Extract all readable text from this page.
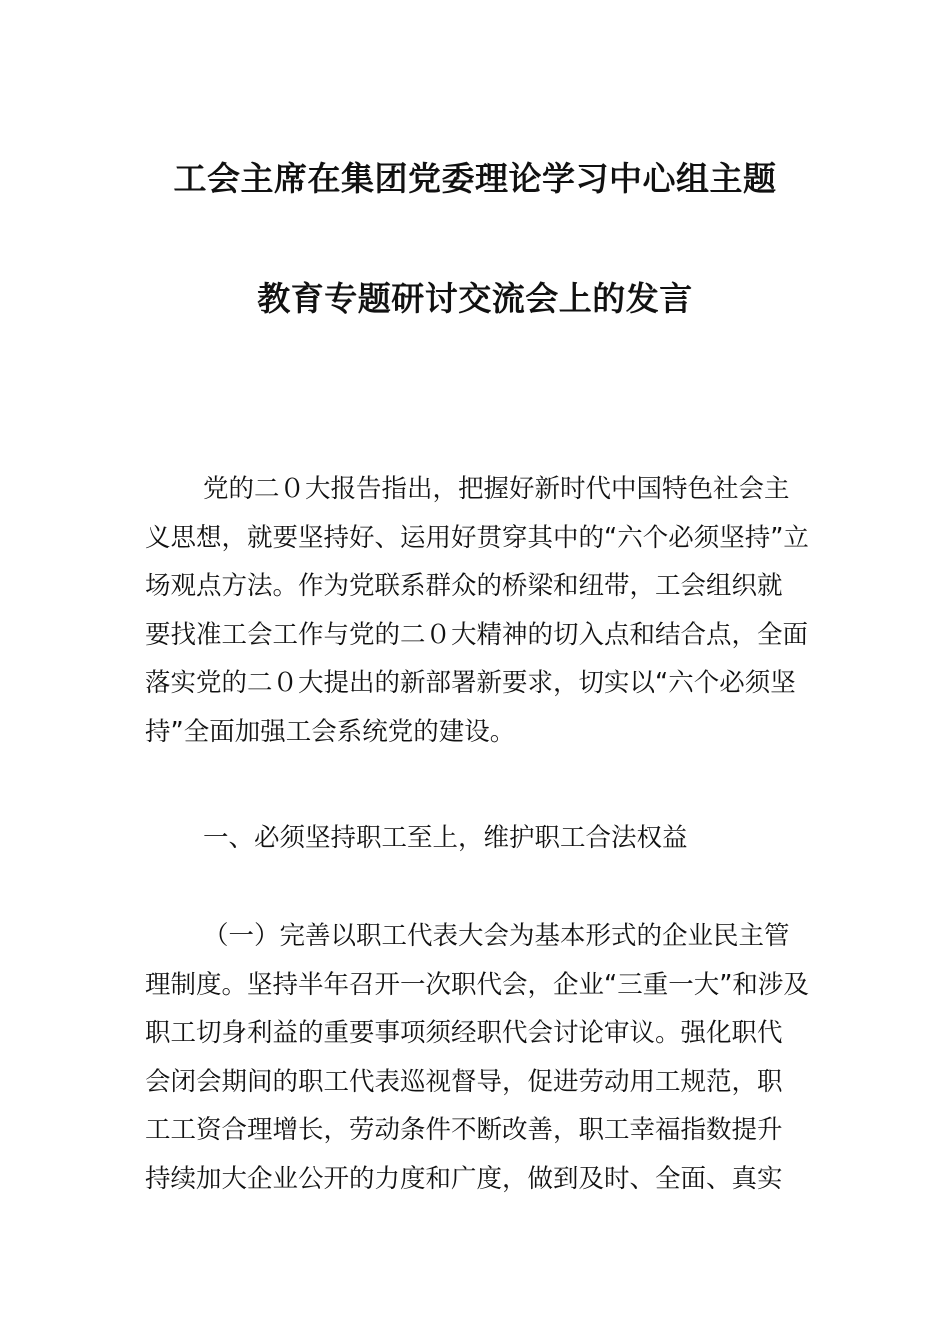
工会主席在集团党委理论学习中心组主题
教育专题研讨交流会上的发言
党的二０大报告指出，把握好新时代中国特色社会主
义思想，就要坚持好、运用好贯穿其中的“六个必须坚持”立
场观点方法。作为党联系群众的桥梁和纽带，工会组织就
要找准工会工作与党的二０大精神的切入点和结合点，全面
落实党的二０大提出的新部署新要求，切实以“六个必须坚
持”全面加强工会系统党的建设。
一、必须坚持职工至上，维护职工合法权益
（一）完善以职工代表大会为基本形式的企业民主管
理制度。坚持半年召开一次职代会，企业“三重一大”和涉及
职工切身利益的重要事项须经职代会讨论审议。强化职代
会闭会期间的职工代表巡视督导，促进劳动用工规范，职
工工资合理增长，劳动条件不断改善，职工幸福指数提升
持续加大企业公开的力度和广度，做到及时、全面、真实
